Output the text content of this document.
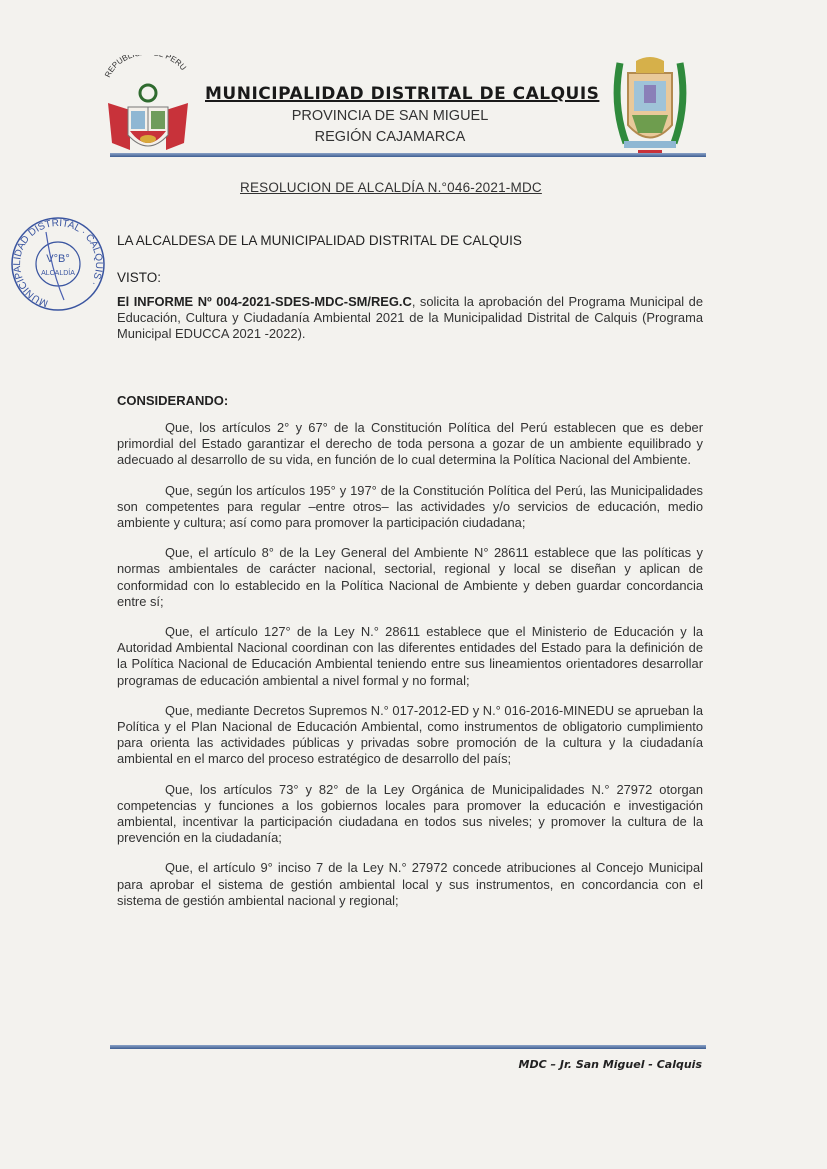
REPUBL PERU
MUNICIPALIDAD DISTRITAL DE CALQUIS
PROVINCIA DE SAN MIGUEL
REGIÓN CAJAMARCA
RESOLUCION DE ALCALDÍA N.°046-2021-MDC
MUNICIPALIDAD DISTRITAL · CALQUIS ·
V°B°
ALCALDÍA
LA ALCALDESA DE LA MUNICIPALIDAD DISTRITAL DE CALQUIS
VISTO:
El INFORME Nº 004-2021-SDES-MDC-SM/REG.C, solicita la aprobación del Programa Municipal de Educación, Cultura y Ciudadanía Ambiental 2021 de la Municipalidad Distrital de Calquis (Programa Municipal EDUCCA 2021 -2022).
CONSIDERANDO:

Que, los artículos 2° y 67° de la Constitución Política del Perú establecen que es deber primordial del Estado garantizar el derecho de toda persona a gozar de un ambiente equilibrado y adecuado al desarrollo de su vida, en función de lo cual determina la Política Nacional del Ambiente.

Que, según los artículos 195° y 197° de la Constitución Política del Perú, las Municipalidades son competentes para regular –entre otros– las actividades y/o servicios de educación, medio ambiente y cultura; así como para promover la participación ciudadana;

Que, el artículo 8° de la Ley General del Ambiente N° 28611 establece que las políticas y normas ambientales de carácter nacional, sectorial, regional y local se diseñan y aplican de conformidad con lo establecido en la Política Nacional de Ambiente y deben guardar concordancia entre sí;

Que, el artículo 127° de la Ley N.° 28611 establece que el Ministerio de Educación y la Autoridad Ambiental Nacional coordinan con las diferentes entidades del Estado para la definición de la Política Nacional de Educación Ambiental teniendo entre sus lineamientos orientadores desarrollar programas de educación ambiental a nivel formal y no formal;

Que, mediante Decretos Supremos N.° 017-2012-ED y N.° 016-2016-MINEDU se aprueban la Política y el Plan Nacional de Educación Ambiental, como instrumentos de obligatorio cumplimiento para orienta las actividades públicas y privadas sobre promoción de la cultura y la ciudadanía ambiental en el marco del proceso estratégico de desarrollo del país;

Que, los artículos 73° y 82° de la Ley Orgánica de Municipalidades N.° 27972 otorgan competencias y funciones a los gobiernos locales para promover la educación e investigación ambiental, incentivar la participación ciudadana en todos sus niveles; y promover la cultura de la prevención en la ciudadanía;

Que, el artículo 9° inciso 7 de la Ley N.° 27972 concede atribuciones al Concejo Municipal para aprobar el sistema de gestión ambiental local y sus instrumentos, en concordancia con el sistema de gestión ambiental nacional y regional;

MDC – Jr. San Miguel - Calquis
